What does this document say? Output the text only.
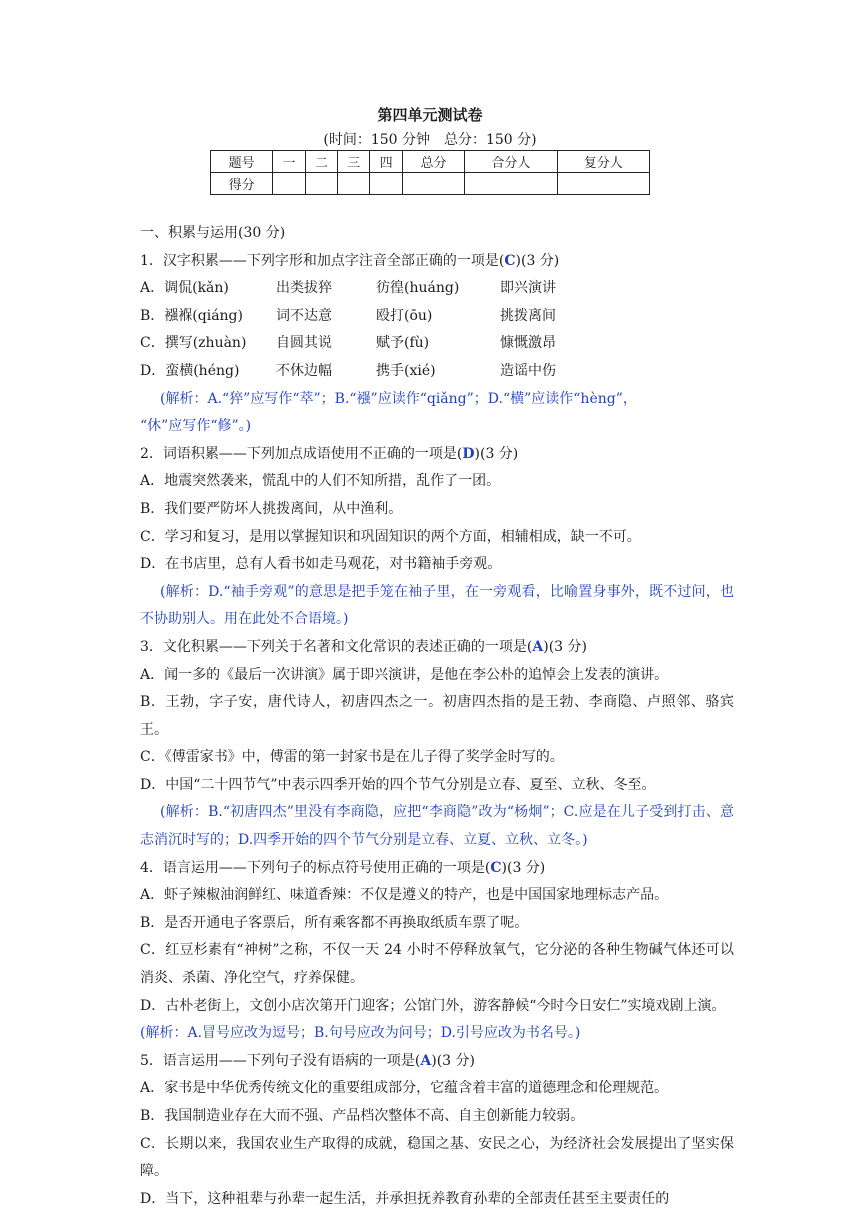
第四单元测试卷
(时间：150 分钟　总分：150 分)
题号	一	二	三	四	总分	合分人	复分人
得分							
一、积累与运用(30 分)
1．汉字积累——下列字形和加点字注音全部正确的一项是(C)(3 分)
A．调侃(kǎn)	出类拔猝	彷徨(huáng)	即兴演讲
B．襁褓(qiáng)	词不达意	殴打(ōu)	挑拨离间
C．撰写(zhuàn)	自圆其说	赋予(fù)	慷慨激昂
D．蛮横(héng)	不休边幅	携手(xié)	造谣中伤
(解析：A.“猝”应写作“萃”；B.“襁”应读作“qiǎng”；D.“横”应读作“hèng”，
“休”应写作“修”。)
2．词语积累——下列加点成语使用不正确的一项是(D)(3 分)
A．地震突然袭来，慌乱中的人们不知所措，乱作了一团。
B．我们要严防坏人挑拨离间，从中渔利。
C．学习和复习，是用以掌握知识和巩固知识的两个方面，相辅相成，缺一不可。
D．在书店里，总有人看书如走马观花，对书籍袖手旁观。
(解析：D.“袖手旁观”的意思是把手笼在袖子里，在一旁观看，比喻置身事外，既不过问，也不协助别人。用在此处不合语境。)
3．文化积累——下列关于名著和文化常识的表述正确的一项是(A)(3 分)
A．闻一多的《最后一次讲演》属于即兴演讲，是他在李公朴的追悼会上发表的演讲。
B．王勃，字子安，唐代诗人，初唐四杰之一。初唐四杰指的是王勃、李商隐、卢照邻、骆宾王。
C．《傅雷家书》中，傅雷的第一封家书是在儿子得了奖学金时写的。
D．中国“二十四节气”中表示四季开始的四个节气分别是立春、夏至、立秋、冬至。
(解析：B.“初唐四杰”里没有李商隐，应把“李商隐”改为“杨炯”；C.应是在儿子受到打击、意志消沉时写的；D.四季开始的四个节气分别是立春、立夏、立秋、立冬。)
4．语言运用——下列句子的标点符号使用正确的一项是(C)(3 分)
A．虾子辣椒油润鲜红、味道香辣：不仅是遵义的特产，也是中国国家地理标志产品。
B．是否开通电子客票后，所有乘客都不再换取纸质车票了呢。
C．红豆杉素有“神树”之称，不仅一天 24 小时不停释放氧气，它分泌的各种生物碱气体还可以消炎、杀菌、净化空气，疗养保健。
D．古朴老街上，文创小店次第开门迎客；公馆门外，游客静候“今时今日安仁”实境戏剧上演。
(解析：A.冒号应改为逗号；B.句号应改为问号；D.引号应改为书名号。)
5．语言运用——下列句子没有语病的一项是(A)(3 分)
A．家书是中华优秀传统文化的重要组成部分，它蕴含着丰富的道德理念和伦理规范。
B．我国制造业存在大而不强、产品档次整体不高、自主创新能力较弱。
C．长期以来，我国农业生产取得的成就，稳国之基、安民之心，为经济社会发展提出了坚实保障。
D．当下，这种祖辈与孙辈一起生活，并承担抚养教育孙辈的全部责任甚至主要责任的
